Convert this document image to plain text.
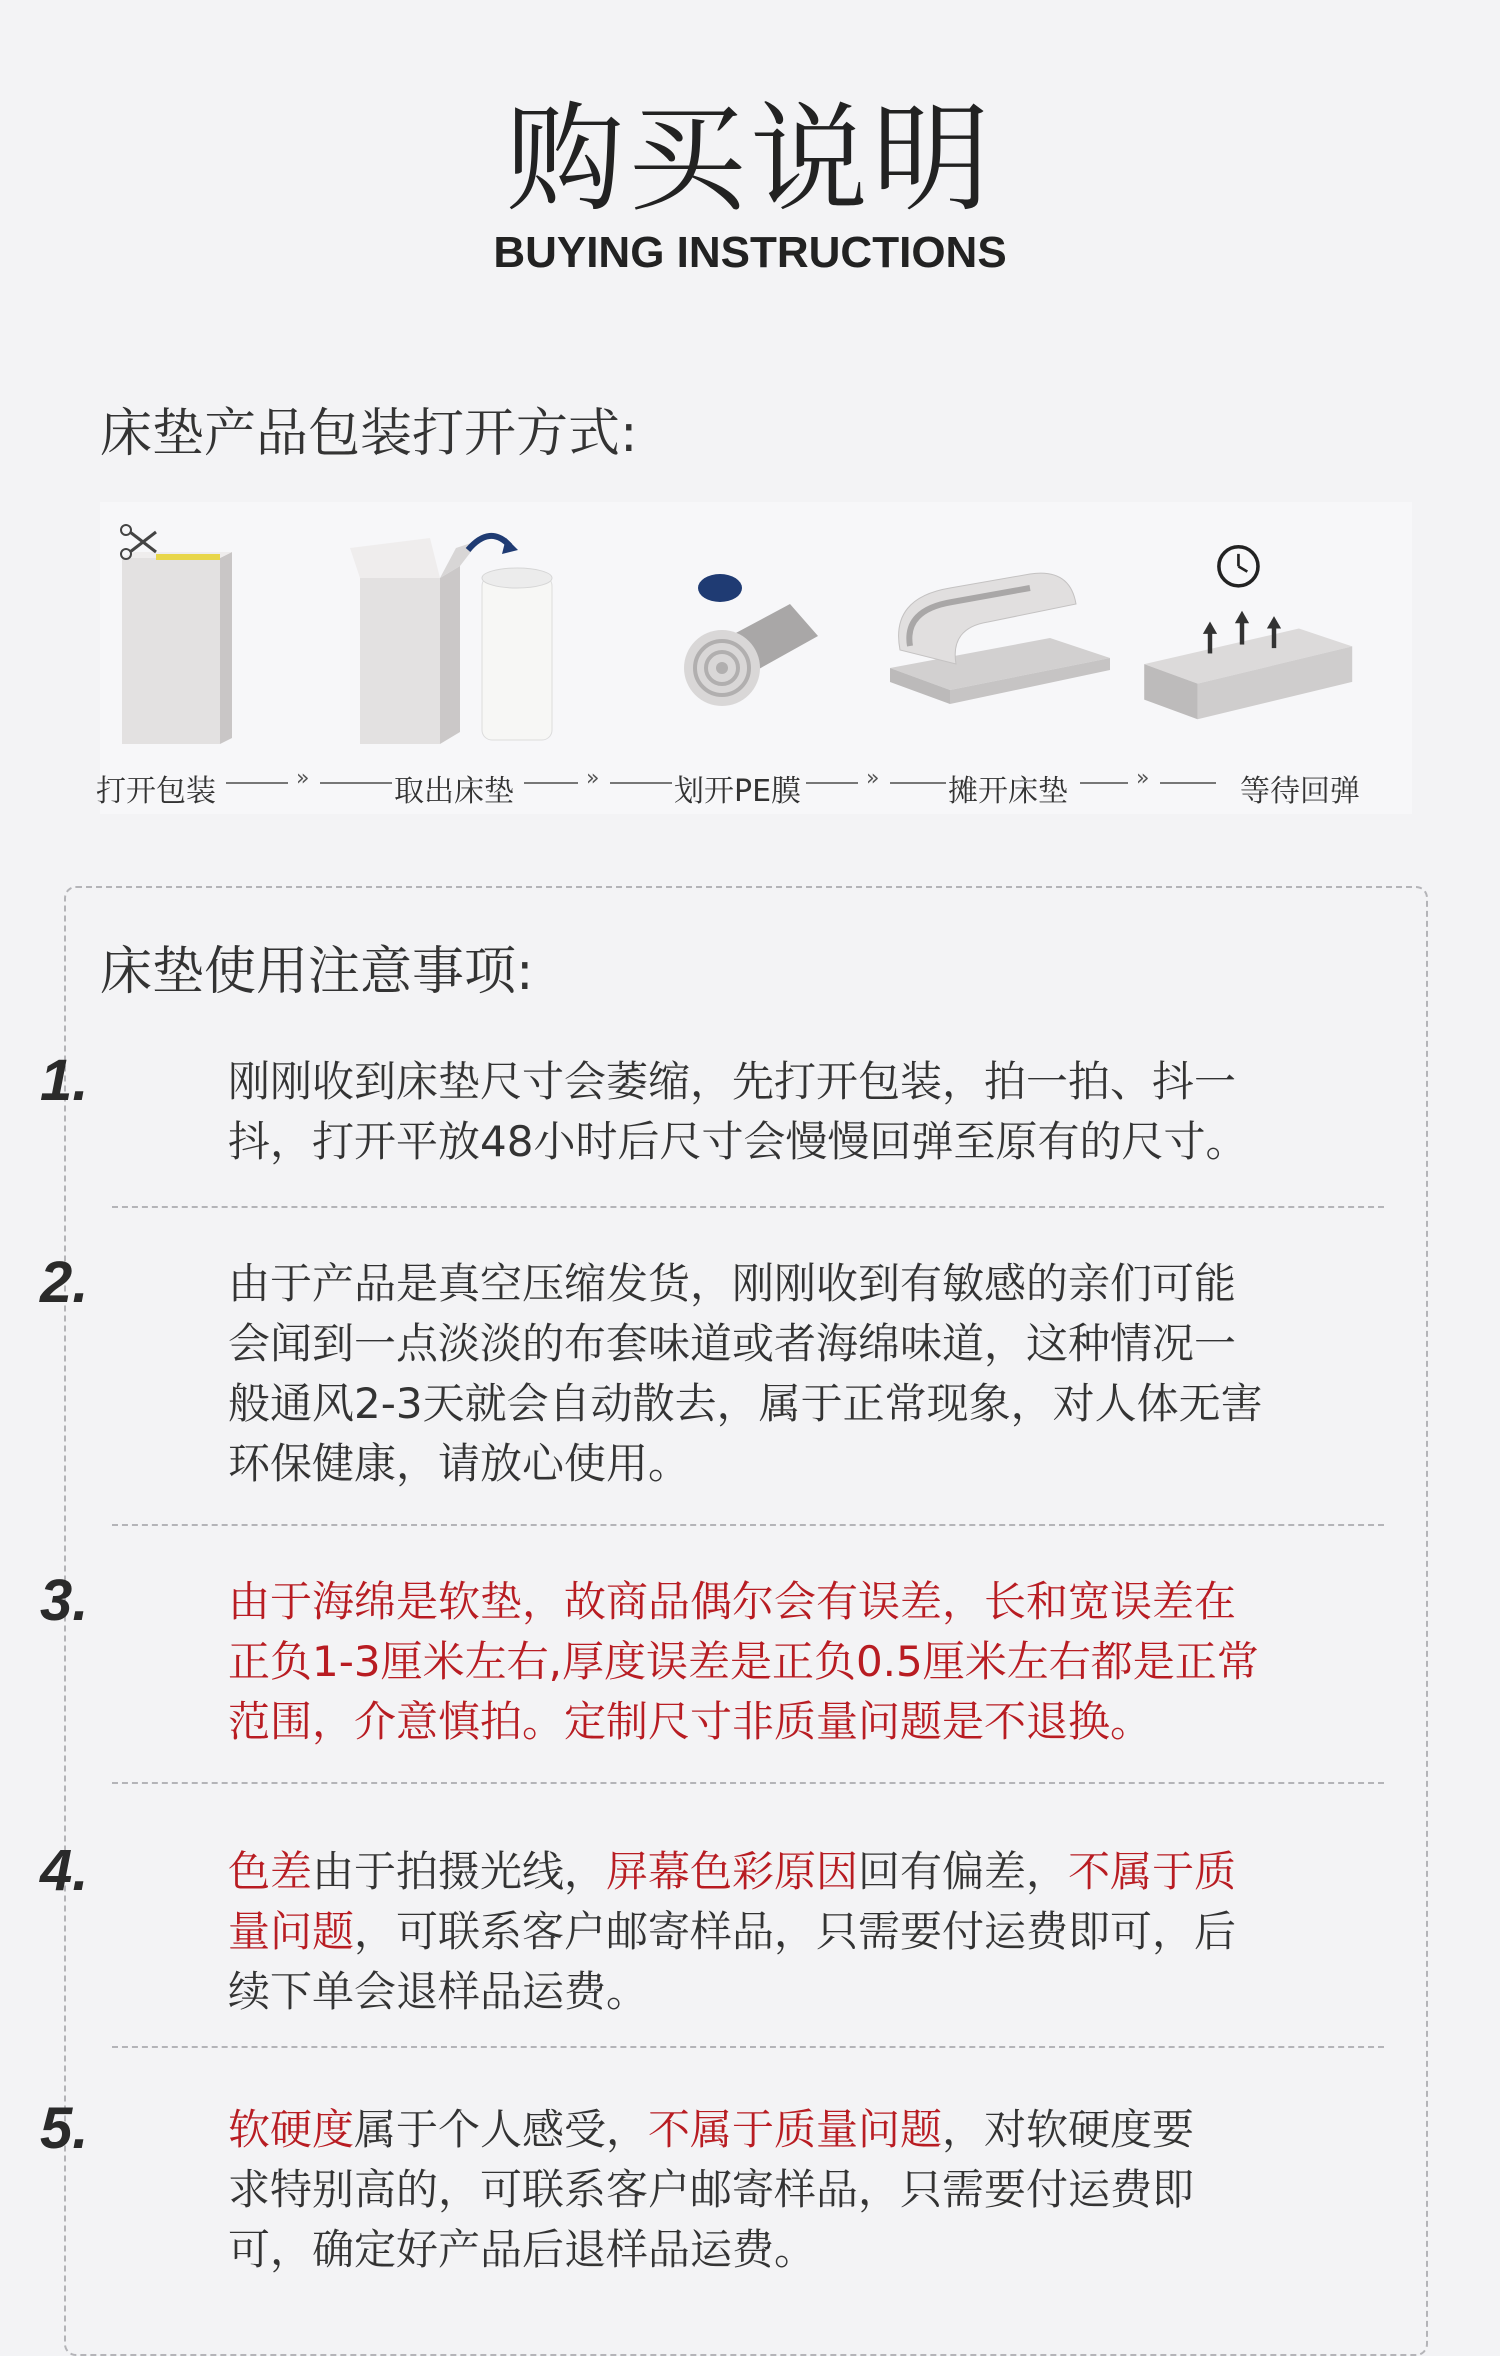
购买说明
BUYING INSTRUCTIONS
床垫产品包装打开方式:
打开包装	取出床垫	划开PE膜	摊开床垫	等待回弹
»	»	»	»
床垫使用注意事项:
1.	刚刚收到床垫尺寸会萎缩，先打开包装，拍一拍、抖一
抖，打开平放48小时后尺寸会慢慢回弹至原有的尺寸。
2.	由于产品是真空压缩发货，刚刚收到有敏感的亲们可能
会闻到一点淡淡的布套味道或者海绵味道，这种情况一
般通风2-3天就会自动散去，属于正常现象，对人体无害
环保健康，请放心使用。
3.	由于海绵是软垫，故商品偶尔会有误差，长和宽误差在
正负1-3厘米左右,厚度误差是正负0.5厘米左右都是正常
范围，介意慎拍。定制尺寸非质量问题是不退换。
4.	色差由于拍摄光线，屏幕色彩原因回有偏差，不属于质
量问题，可联系客户邮寄样品，只需要付运费即可，后
续下单会退样品运费。
5.	软硬度属于个人感受，不属于质量问题，对软硬度要
求特别高的，可联系客户邮寄样品，只需要付运费即
可，确定好产品后退样品运费。
